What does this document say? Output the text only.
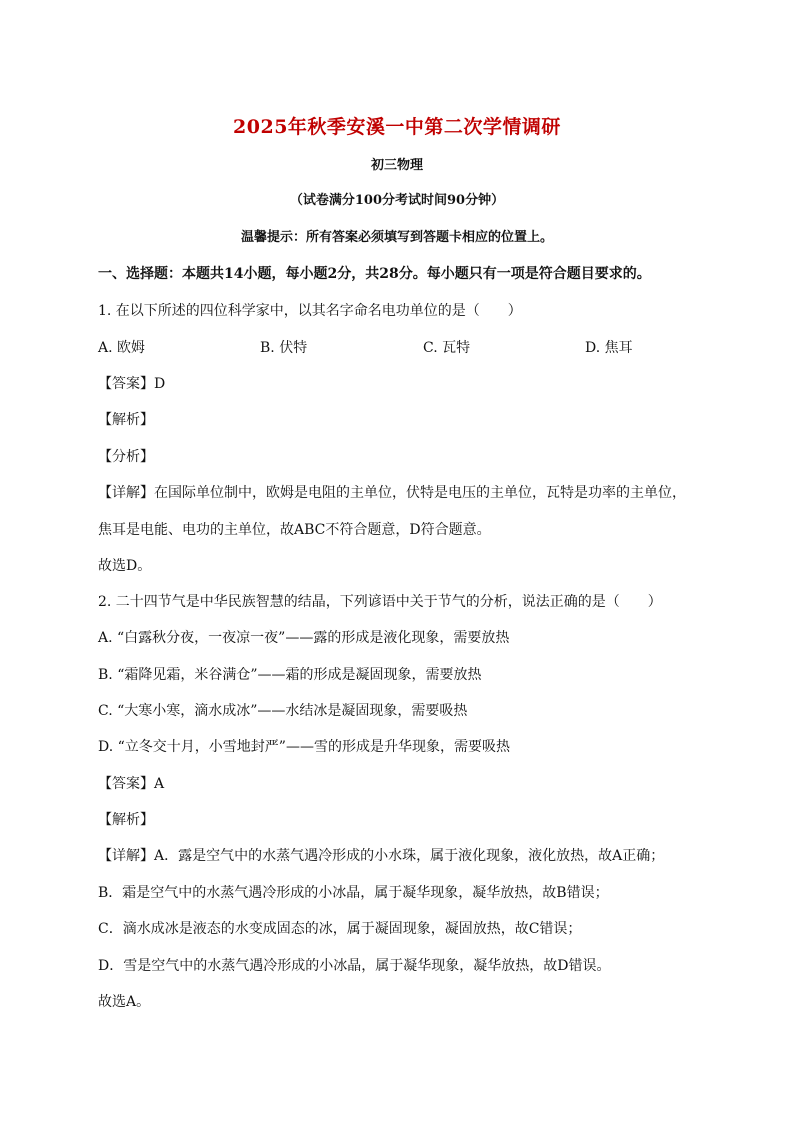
2025年秋季安溪一中第二次学情调研
初三物理
（试卷满分100分考试时间90分钟）
温馨提示：所有答案必须填写到答题卡相应的位置上。
一、选择题：本题共14小题，每小题2分，共28分。每小题只有一项是符合题目要求的。
1. 在以下所述的四位科学家中，以其名字命名电功单位的是（　　）
A. 欧姆	B. 伏特	C. 瓦特	D. 焦耳
【答案】D
【解析】
【分析】
【详解】在国际单位制中，欧姆是电阻的主单位，伏特是电压的主单位，瓦特是功率的主单位，
焦耳是电能、电功的主单位，故ABC不符合题意，D符合题意。
故选D。
2. 二十四节气是中华民族智慧的结晶，下列谚语中关于节气的分析，说法正确的是（　　）
A. “白露秋分夜，一夜凉一夜”——露的形成是液化现象，需要放热
B. “霜降见霜，米谷满仓”——霜的形成是凝固现象，需要放热
C. “大寒小寒，滴水成冰”——水结冰是凝固现象，需要吸热
D. “立冬交十月，小雪地封严”——雪的形成是升华现象，需要吸热
【答案】A
【解析】
【详解】A．露是空气中的水蒸气遇冷形成的小水珠，属于液化现象，液化放热，故A正确；
B．霜是空气中的水蒸气遇冷形成的小冰晶，属于凝华现象，凝华放热，故B错误；
C．滴水成冰是液态的水变成固态的冰，属于凝固现象，凝固放热，故C错误；
D．雪是空气中的水蒸气遇冷形成的小冰晶，属于凝华现象，凝华放热，故D错误。
故选A。
